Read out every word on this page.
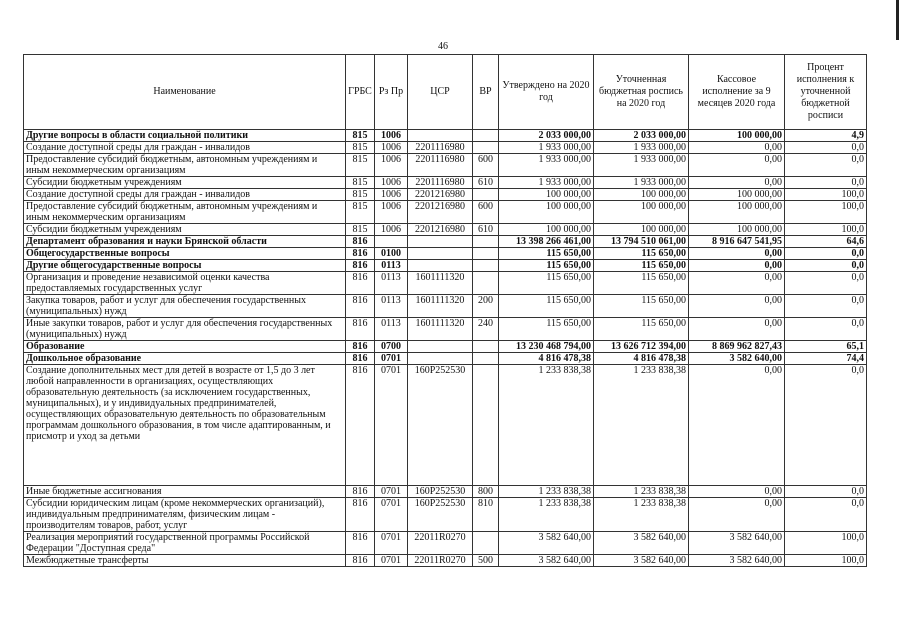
46
Наименование	ГРБС	Рз Пр	ЦСР	ВР	Утверждено на 2020 год	Уточненная бюджетная роспись на 2020 год	Кассовое исполнение за 9 месяцев 2020 года	Процент исполнения к уточненной бюджетной росписи
Другие вопросы в области социальной политики	815	1006			2 033 000,00	2 033 000,00	100 000,00	4,9
Создание доступной среды для граждан - инвалидов	815	1006	2201116980		1 933 000,00	1 933 000,00	0,00	0,0
Предоставление субсидий бюджетным, автономным учреждениям и иным некоммерческим организациям	815	1006	2201116980	600	1 933 000,00	1 933 000,00	0,00	0,0
Субсидии бюджетным учреждениям	815	1006	2201116980	610	1 933 000,00	1 933 000,00	0,00	0,0
Создание доступной среды для граждан - инвалидов	815	1006	2201216980		100 000,00	100 000,00	100 000,00	100,0
Предоставление субсидий бюджетным, автономным учреждениям и иным некоммерческим организациям	815	1006	2201216980	600	100 000,00	100 000,00	100 000,00	100,0
Субсидии бюджетным учреждениям	815	1006	2201216980	610	100 000,00	100 000,00	100 000,00	100,0
Департамент образования и науки Брянской области	816				13 398 266 461,00	13 794 510 061,00	8 916 647 541,95	64,6
Общегосударственные вопросы	816	0100			115 650,00	115 650,00	0,00	0,0
Другие общегосударственные вопросы	816	0113			115 650,00	115 650,00	0,00	0,0
Организация и проведение независимой оценки качества предоставляемых государственных услуг	816	0113	1601111320		115 650,00	115 650,00	0,00	0,0
Закупка товаров, работ и услуг для обеспечения государственных (муниципальных) нужд	816	0113	1601111320	200	115 650,00	115 650,00	0,00	0,0
Иные закупки товаров, работ и услуг для обеспечения государственных (муниципальных) нужд	816	0113	1601111320	240	115 650,00	115 650,00	0,00	0,0
Образование	816	0700			13 230 468 794,00	13 626 712 394,00	8 869 962 827,43	65,1
Дошкольное образование	816	0701			4 816 478,38	4 816 478,38	3 582 640,00	74,4
Создание дополнительных мест для детей в возрасте от 1,5 до 3 лет любой направленности в организациях, осуществляющих образовательную деятельность (за исключением государственных, муниципальных), и у индивидуальных предпринимателей, осуществляющих образовательную деятельность по образовательным программам дошкольного образования, в том числе адаптированным, и присмотр и уход за детьми	816	0701	160P252530		1 233 838,38	1 233 838,38	0,00	0,0
Иные бюджетные ассигнования	816	0701	160P252530	800	1 233 838,38	1 233 838,38	0,00	0,0
Субсидии юридическим лицам (кроме некоммерческих организаций), индивидуальным предпринимателям, физическим лицам - производителям товаров, работ, услуг	816	0701	160P252530	810	1 233 838,38	1 233 838,38	0,00	0,0
Реализация мероприятий государственной программы Российской Федерации "Доступная среда"	816	0701	22011R0270		3 582 640,00	3 582 640,00	3 582 640,00	100,0
Межбюджетные трансферты	816	0701	22011R0270	500	3 582 640,00	3 582 640,00	3 582 640,00	100,0
